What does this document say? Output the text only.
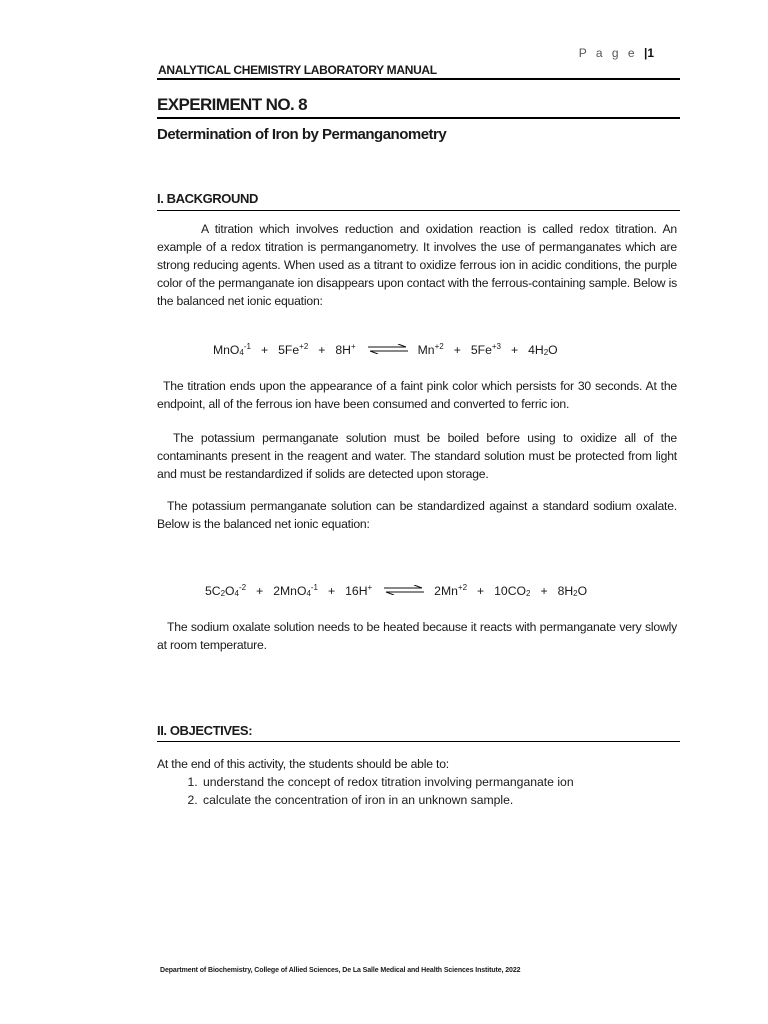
P a g e |1
ANALYTICAL CHEMISTRY LABORATORY MANUAL
EXPERIMENT NO. 8
Determination of Iron by Permanganometry
I. BACKGROUND
A titration which involves reduction and oxidation reaction is called redox titration. An example of a redox titration is permanganometry. It involves the use of permanganates which are strong reducing agents. When used as a titrant to oxidize ferrous ion in acidic conditions, the purple color of the permanganate ion disappears upon contact with the ferrous-containing sample. Below is the balanced net ionic equation:
$MnO_4^{-1} + 5Fe^{+2} + 8H^+$ ⇌ $Mn^{+2} + 5Fe^{+3} + 4H_2O$
The titration ends upon the appearance of a faint pink color which persists for 30 seconds. At the endpoint, all of the ferrous ion have been consumed and converted to ferric ion.
The potassium permanganate solution must be boiled before using to oxidize all of the contaminants present in the reagent and water. The standard solution must be protected from light and must be restandardized if solids are detected upon storage.
The potassium permanganate solution can be standardized against a standard sodium oxalate. Below is the balanced net ionic equation:
$5C_2O_4^{-2} + 2MnO_4^{-1} + 16H^+$ ⇌ $2Mn^{+2} + 10CO_2 + 8H_2O$
The sodium oxalate solution needs to be heated because it reacts with permanganate very slowly at room temperature.
II. OBJECTIVES:
At the end of this activity, the students should be able to:
1. understand the concept of redox titration involving permanganate ion
2. calculate the concentration of iron in an unknown sample.
Department of Biochemistry, College of Allied Sciences, De La Salle Medical and Health Sciences Institute, 2022
